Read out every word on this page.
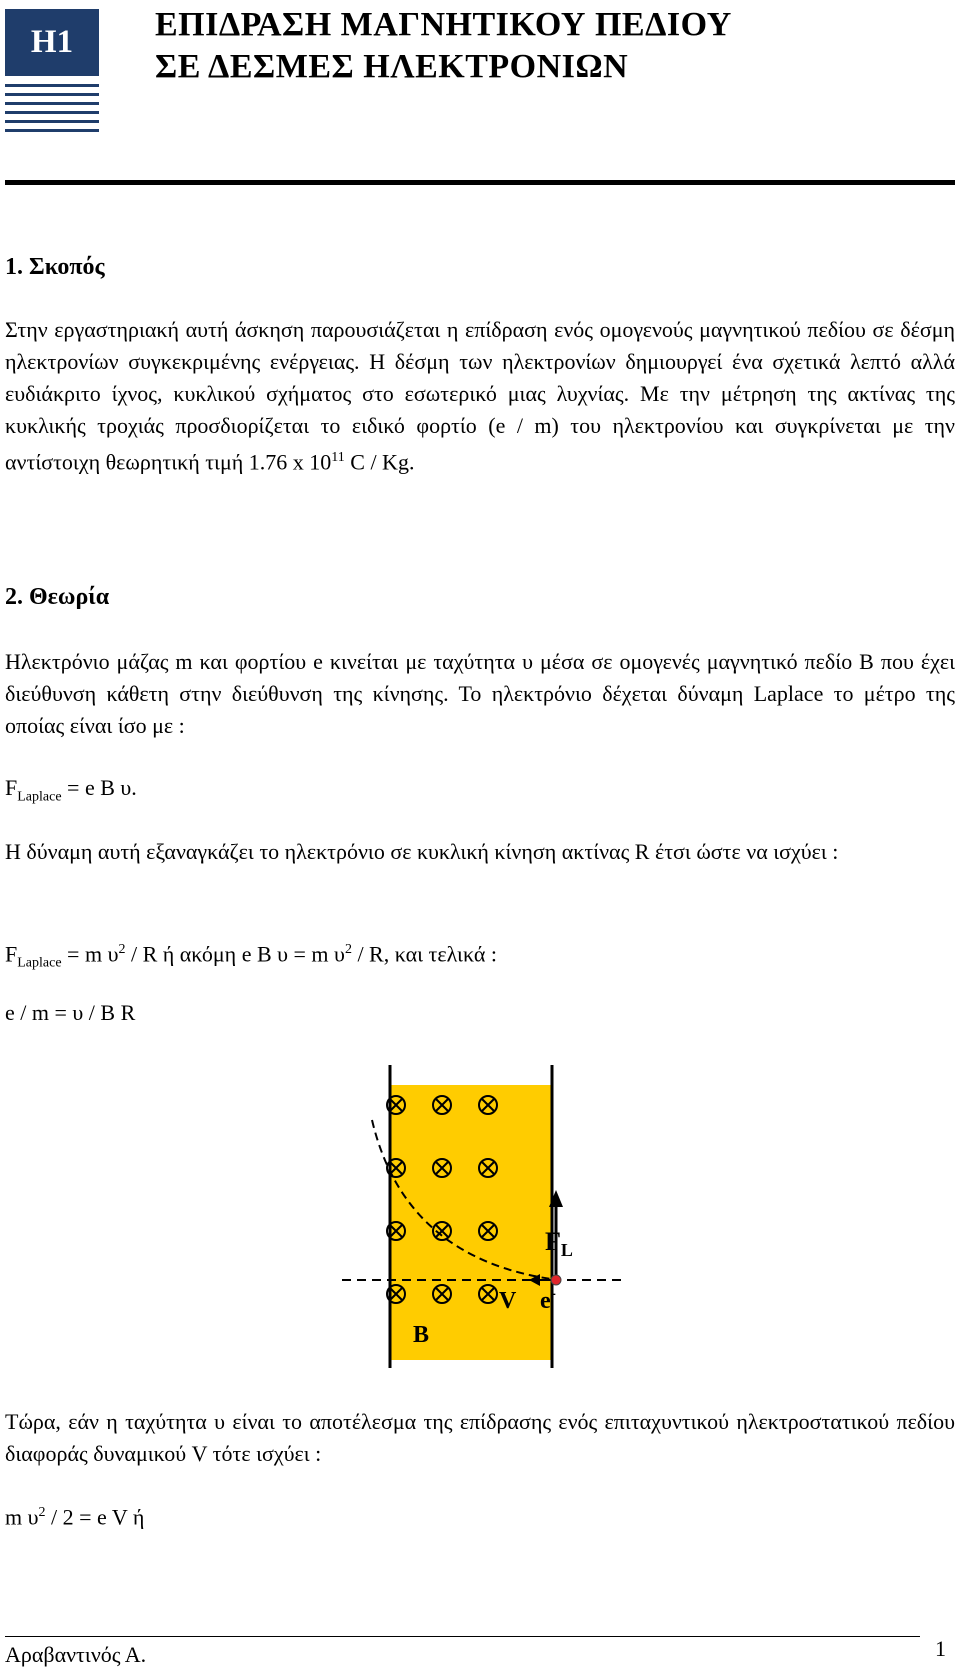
H1	ΕΠΙΔΡΑΣΗ ΜΑΓΝΗΤΙΚΟΥ ΠΕΔΙΟΥ
ΣΕ ΔΕΣΜΕΣ ΗΛΕΚΤΡΟΝΙΩΝ
1. Σκοπός
Στην εργαστηριακή αυτή άσκηση παρουσιάζεται η επίδραση ενός ομογενούς μαγνητικού πεδίου σε δέσμη ηλεκτρονίων συγκεκριμένης ενέργειας. Η δέσμη των ηλεκτρονίων δημιουργεί ένα σχετικά λεπτό αλλά ευδιάκριτο ίχνος, κυκλικού σχήματος στο εσωτερικό μιας λυχνίας. Με την μέτρηση της ακτίνας της κυκλικής τροχιάς προσδιορίζεται το ειδικό φορτίο (e / m) του ηλεκτρονίου και συγκρίνεται με την αντίστοιχη θεωρητική τιμή 1.76 x $10^{11}$ C / Kg.
2. Θεωρία
Ηλεκτρόνιο μάζας m και φορτίου e κινείται με ταχύτητα υ μέσα σε ομογενές μαγνητικό πεδίο Β που έχει διεύθυνση κάθετη στην διεύθυνση της κίνησης. Το ηλεκτρόνιο δέχεται δύναμη Laplace το μέτρο της οποίας είναι ίσο με :
$F_{Laplace} = e$ B υ.
Η δύναμη αυτή εξαναγκάζει το ηλεκτρόνιο σε κυκλική κίνηση ακτίνας R έτσι ώστε να ισχύει :
$F_{Laplace} = m$ $\upsilon^2$ / R ή ακόμη e B υ = m $\upsilon^2$ / R, και τελικά :
e / m = υ / B R
$F_L$
V e-
B
Τώρα, εάν η ταχύτητα υ είναι το αποτέλεσμα της επίδρασης ενός επιταχυντικού ηλεκτροστατικού πεδίου διαφοράς δυναμικού V τότε ισχύει :
m $\upsilon^2 / 2 = e$ V ή
Αραβαντινός Α.	1
